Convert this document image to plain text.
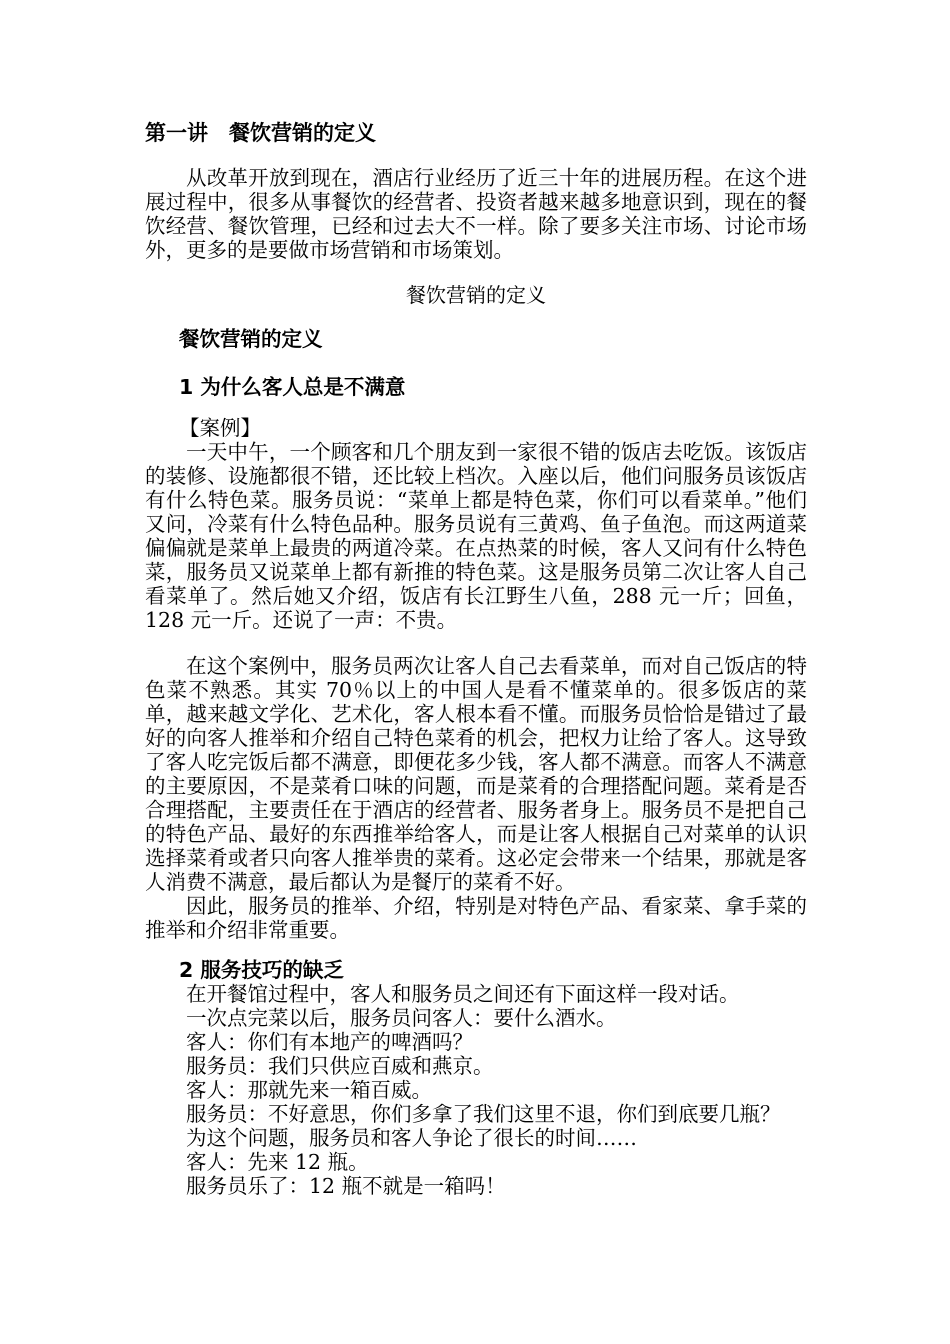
第一讲　餐饮营销的定义

从改革开放到现在，酒店行业经历了近三十年的进展历程。在这个进展过程中，很多从事餐饮的经营者、投资者越来越多地意识到，现在的餐饮经营、餐饮管理，已经和过去大不一样。除了要多关注市场、讨论市场外，更多的是要做市场营销和市场策划。

餐饮营销的定义
餐饮营销的定义
1 为什么客人总是不满意
【案例】

一天中午，一个顾客和几个朋友到一家很不错的饭店去吃饭。该饭店的装修、设施都很不错，还比较上档次。入座以后，他们问服务员该饭店有什么特色菜。服务员说：“菜单上都是特色菜，你们可以看菜单。”他们又问，冷菜有什么特色品种。服务员说有三黄鸡、鱼子鱼泡。而这两道菜偏偏就是菜单上最贵的两道冷菜。在点热菜的时候，客人又问有什么特色菜，服务员又说菜单上都有新推的特色菜。这是服务员第二次让客人自己看菜单了。然后她又介绍，饭店有长江野生八鱼，288 元一斤；回鱼，128 元一斤。还说了一声：不贵。

在这个案例中，服务员两次让客人自己去看菜单，而对自己饭店的特色菜不熟悉。其实 70％以上的中国人是看不懂菜单的。很多饭店的菜单，越来越文学化、艺术化，客人根本看不懂。而服务员恰恰是错过了最好的向客人推举和介绍自己特色菜肴的机会，把权力让给了客人。这导致了客人吃完饭后都不满意，即便花多少钱，客人都不满意。而客人不满意的主要原因，不是菜肴口味的问题，而是菜肴的合理搭配问题。菜肴是否合理搭配，主要责任在于酒店的经营者、服务者身上。服务员不是把自己的特色产品、最好的东西推举给客人，而是让客人根据自己对菜单的认识选择菜肴或者只向客人推举贵的菜肴。这必定会带来一个结果，那就是客人消费不满意，最后都认为是餐厅的菜肴不好。

因此，服务员的推举、介绍，特别是对特色产品、看家菜、拿手菜的推举和介绍非常重要。

2 服务技巧的缺乏

在开餐馆过程中，客人和服务员之间还有下面这样一段对话。

一次点完菜以后，服务员问客人：要什么酒水。

客人：你们有本地产的啤酒吗？

服务员：我们只供应百威和燕京。

客人：那就先来一箱百威。

服务员：不好意思，你们多拿了我们这里不退，你们到底要几瓶？

为这个问题，服务员和客人争论了很长的时间……

客人：先来 12 瓶。

服务员乐了：12 瓶不就是一箱吗！
